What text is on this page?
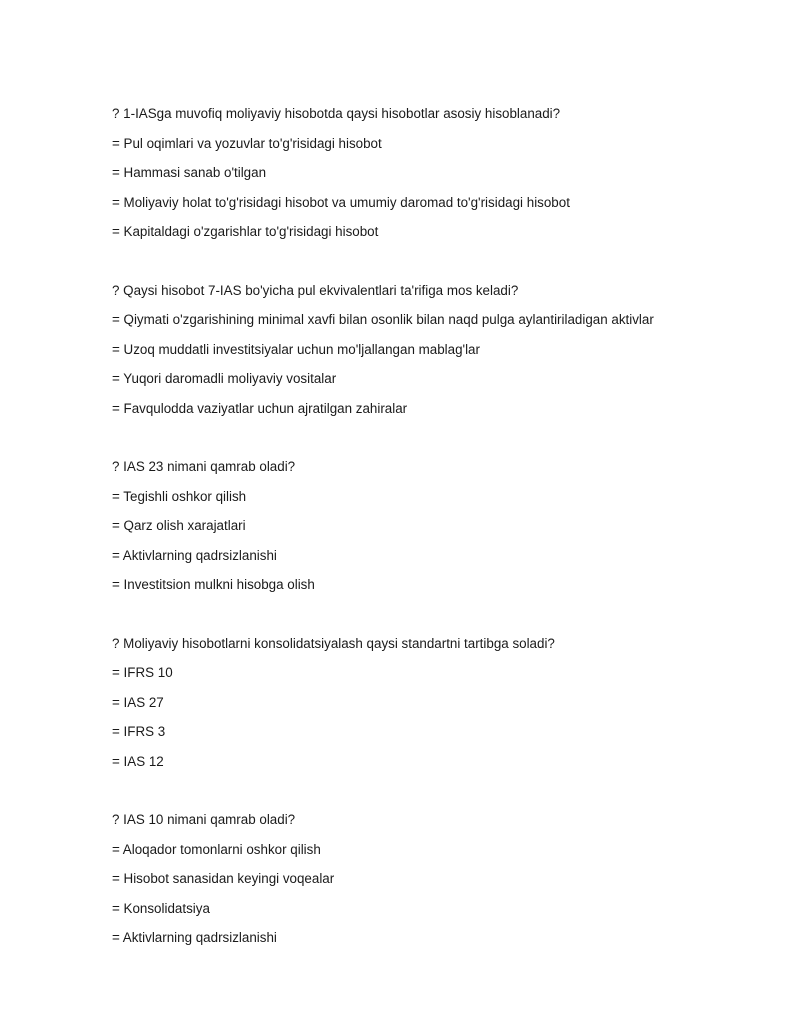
? 1-IASga muvofiq moliyaviy hisobotda qaysi hisobotlar asosiy hisoblanadi?
= Pul oqimlari va yozuvlar to'g'risidagi hisobot
= Hammasi sanab o'tilgan
= Moliyaviy holat to'g'risidagi hisobot va umumiy daromad to'g'risidagi hisobot
= Kapitaldagi o'zgarishlar to'g'risidagi hisobot
? Qaysi hisobot 7-IAS bo'yicha pul ekvivalentlari ta'rifiga mos keladi?
= Qiymati o'zgarishining minimal xavfi bilan osonlik bilan naqd pulga aylantiriladigan aktivlar
= Uzoq muddatli investitsiyalar uchun mo'ljallangan mablag'lar
= Yuqori daromadli moliyaviy vositalar
= Favqulodda vaziyatlar uchun ajratilgan zahiralar
? IAS 23 nimani qamrab oladi?
= Tegishli oshkor qilish
= Qarz olish xarajatlari
= Aktivlarning qadrsizlanishi
= Investitsion mulkni hisobga olish
? Moliyaviy hisobotlarni konsolidatsiyalash qaysi standartni tartibga soladi?
= IFRS 10
= IAS 27
= IFRS 3
= IAS 12
? IAS 10 nimani qamrab oladi?
= Aloqador tomonlarni oshkor qilish
= Hisobot sanasidan keyingi voqealar
= Konsolidatsiya
= Aktivlarning qadrsizlanishi
